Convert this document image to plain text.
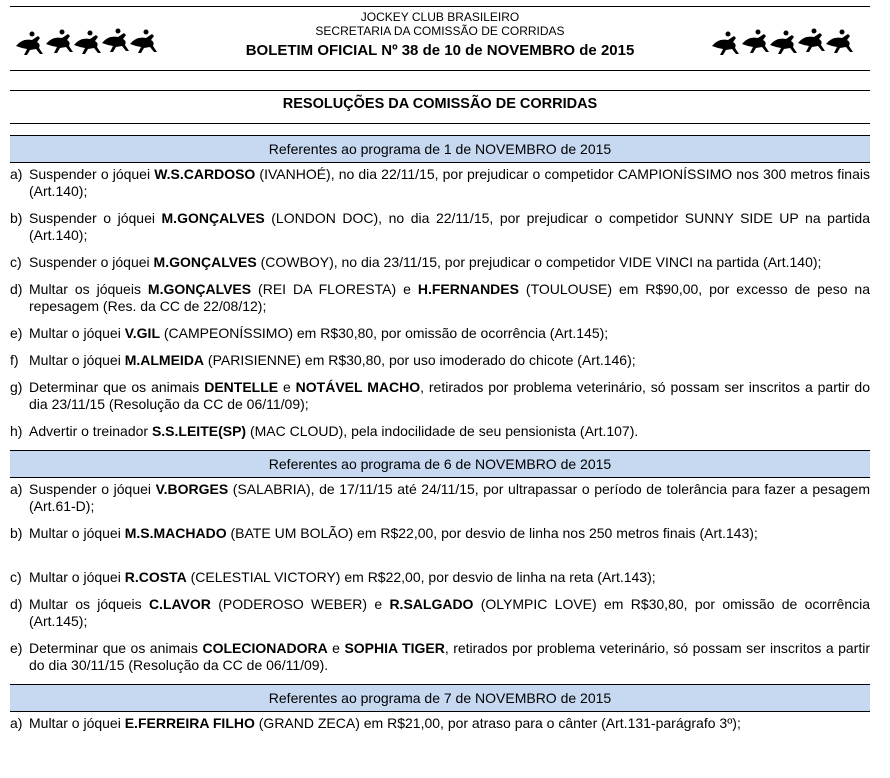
JOCKEY CLUB BRASILEIRO
SECRETARIA DA COMISSÃO DE CORRIDAS
BOLETIM OFICIAL Nº 38 de 10 de NOVEMBRO de 2015
RESOLUÇÕES DA COMISSÃO DE CORRIDAS
Referentes ao programa de 1 de NOVEMBRO de 2015
a) Suspender o jóquei W.S.CARDOSO (IVANHOÉ), no dia 22/11/15, por prejudicar o competidor CAMPIONÍSSIMO nos 300 metros finais (Art.140);
b) Suspender o jóquei M.GONÇALVES (LONDON DOC), no dia 22/11/15, por prejudicar o competidor SUNNY SIDE UP na partida (Art.140);
c) Suspender o jóquei M.GONÇALVES (COWBOY), no dia 23/11/15, por prejudicar o competidor VIDE VINCI na partida (Art.140);
d) Multar os jóqueis M.GONÇALVES (REI DA FLORESTA) e H.FERNANDES (TOULOUSE) em R$90,00, por excesso de peso na repesagem (Res. da CC de 22/08/12);
e) Multar o jóquei V.GIL (CAMPEONÍSSIMO) em R$30,80, por omissão de ocorrência (Art.145);
f) Multar o jóquei M.ALMEIDA (PARISIENNE) em R$30,80, por uso imoderado do chicote (Art.146);
g) Determinar que os animais DENTELLE e NOTÁVEL MACHO, retirados por problema veterinário, só possam ser inscritos a partir do dia 23/11/15 (Resolução da CC de 06/11/09);
h) Advertir o treinador S.S.LEITE(SP) (MAC CLOUD), pela indocilidade de seu pensionista (Art.107).
Referentes ao programa de 6 de NOVEMBRO de 2015
a) Suspender o jóquei V.BORGES (SALABRIA), de 17/11/15 até 24/11/15, por ultrapassar o período de tolerância para fazer a pesagem (Art.61-D);
b) Multar o jóquei M.S.MACHADO (BATE UM BOLÃO) em R$22,00, por desvio de linha nos 250 metros finais (Art.143);
c) Multar o jóquei R.COSTA (CELESTIAL VICTORY) em R$22,00, por desvio de linha na reta (Art.143);
d) Multar os jóqueis C.LAVOR (PODEROSO WEBER) e R.SALGADO (OLYMPIC LOVE) em R$30,80, por omissão de ocorrência (Art.145);
e) Determinar que os animais COLECIONADORA e SOPHIA TIGER, retirados por problema veterinário, só possam ser inscritos a partir do dia 30/11/15 (Resolução da CC de 06/11/09).
Referentes ao programa de 7 de NOVEMBRO de 2015
a) Multar o jóquei E.FERREIRA FILHO (GRAND ZECA) em R$21,00, por atraso para o cânter (Art.131-parágrafo 3º);
